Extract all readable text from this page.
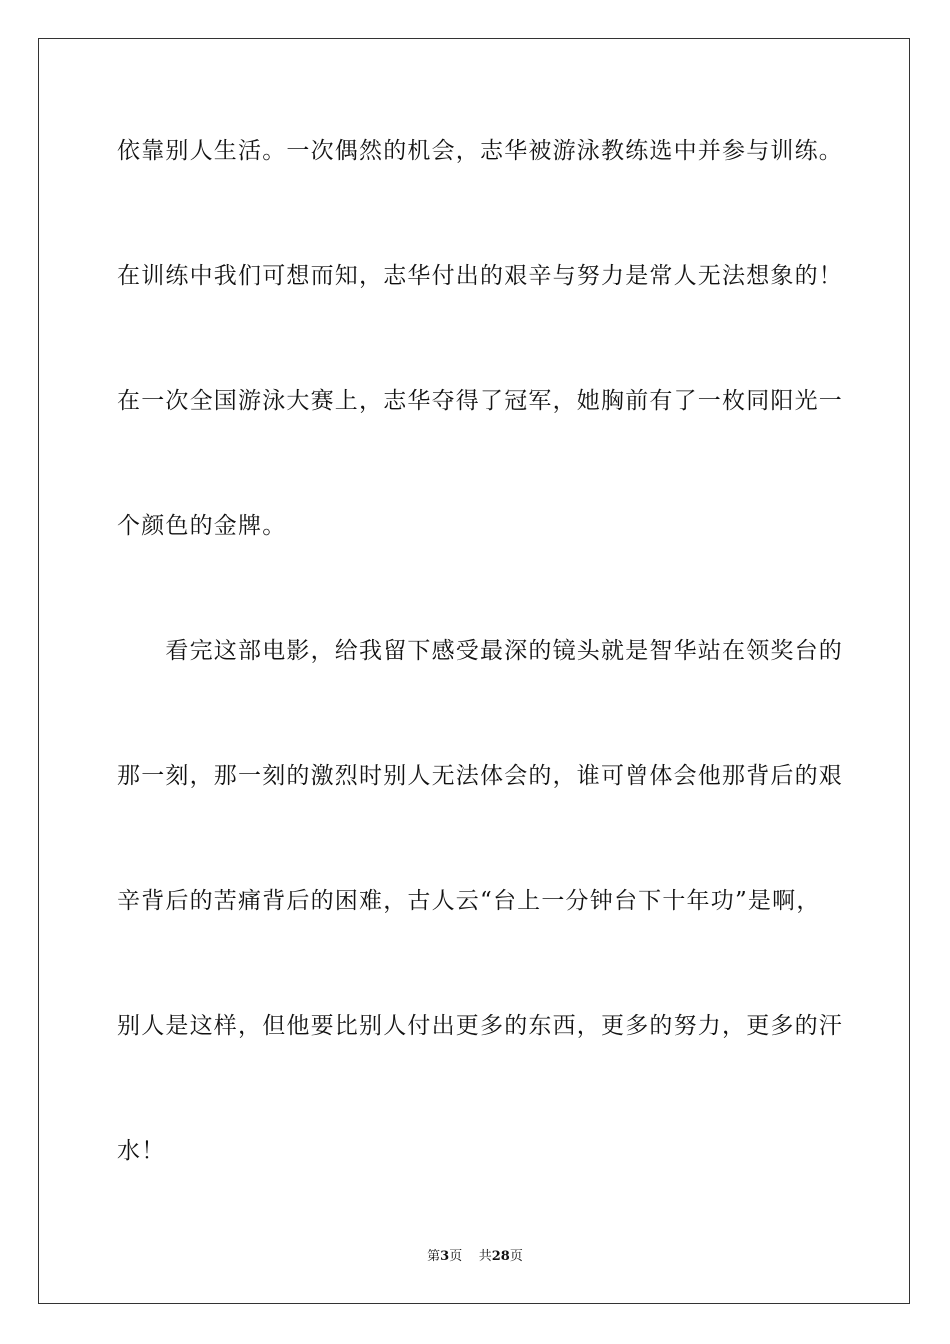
依靠别人生活。一次偶然的机会，志华被游泳教练选中并参与训练。
在训练中我们可想而知，志华付出的艰辛与努力是常人无法想象的！
在一次全国游泳大赛上，志华夺得了冠军，她胸前有了一枚同阳光一
个颜色的金牌。
　　看完这部电影，给我留下感受最深的镜头就是智华站在领奖台的
那一刻，那一刻的激烈时别人无法体会的，谁可曾体会他那背后的艰
辛背后的苦痛背后的困难，古人云“台上一分钟台下十年功”是啊，
别人是这样，但他要比别人付出更多的东西，更多的努力，更多的汗
水！
第3页 共28页
